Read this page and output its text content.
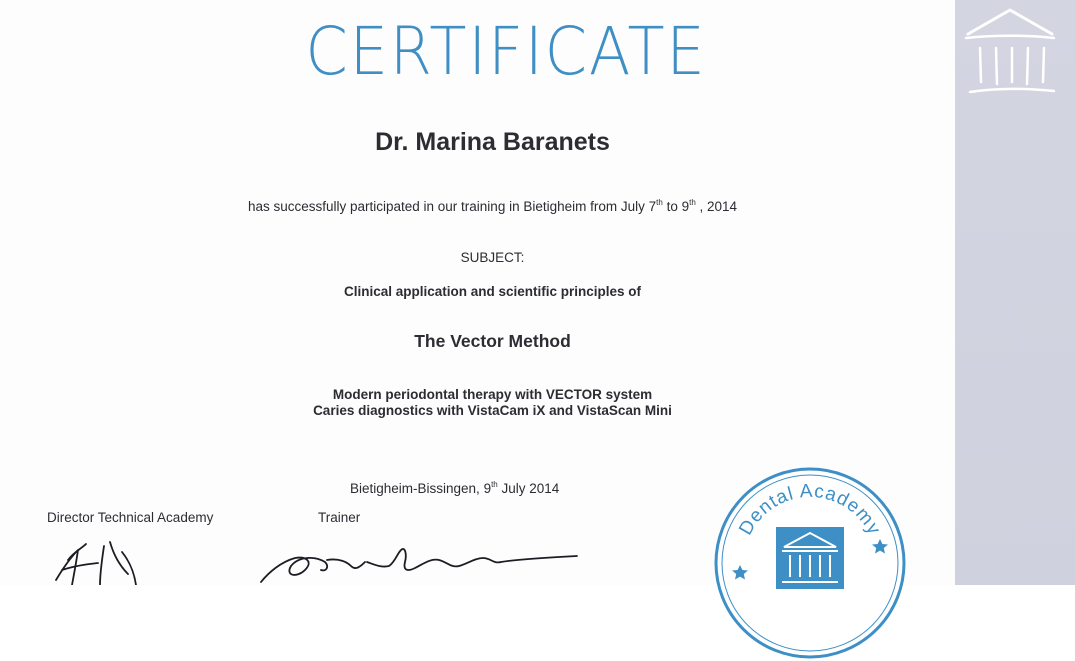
CERTIFICATE
Dr. Marina Baranets
has successfully participated in our training in Bietigheim from July 7th to 9th , 2014
SUBJECT:
Clinical application and scientific principles of
The Vector Method
Modern periodontal therapy with VECTOR system
Caries diagnostics with VistaCam iX and VistaScan Mini
Bietigheim-Bissingen, 9th July 2014
Director Technical Academy	Trainer	Dental Academy
